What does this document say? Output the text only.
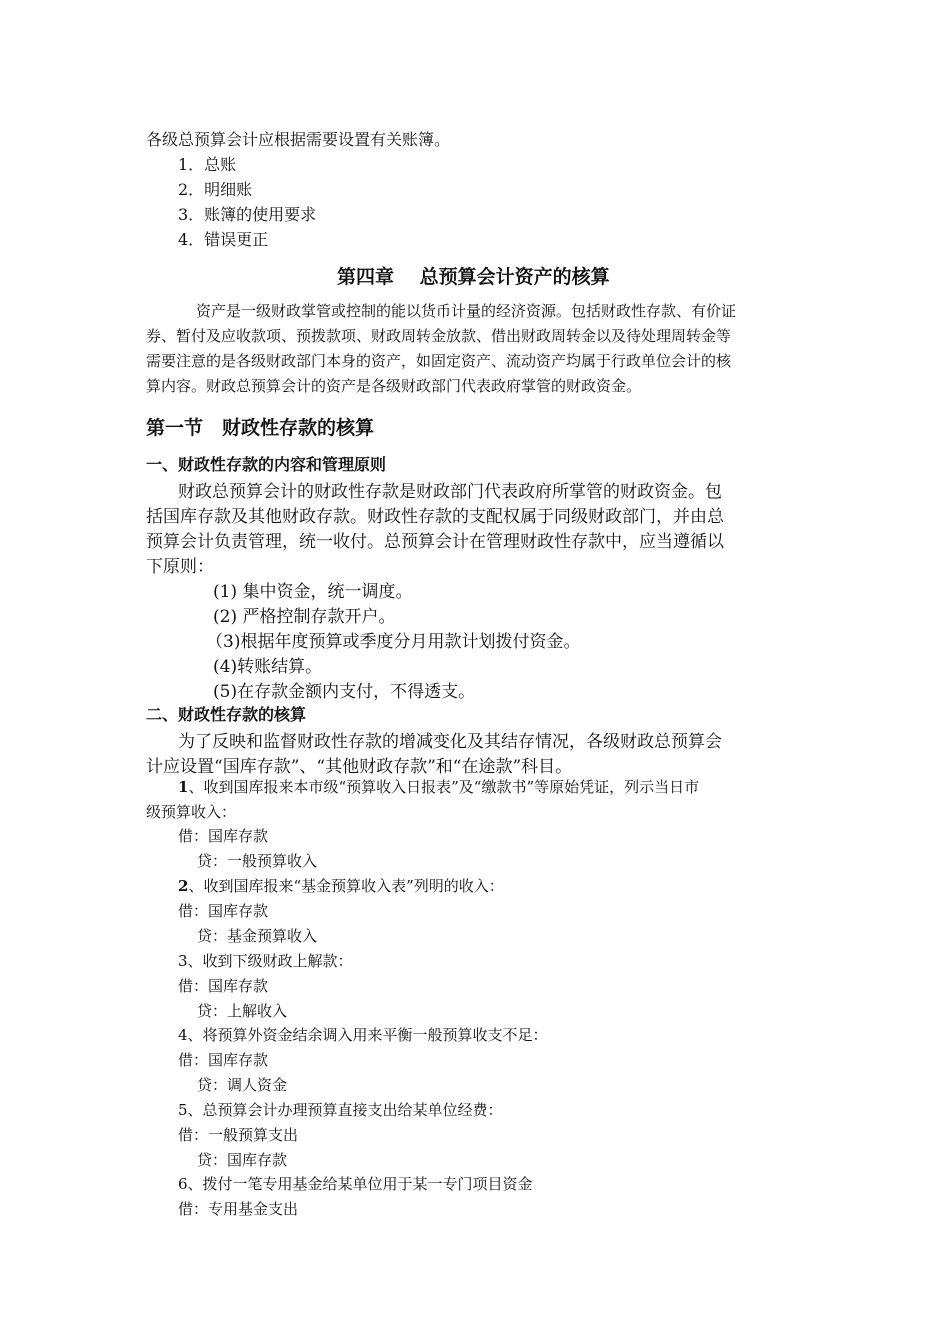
各级总预算会计应根据需要设置有关账簿。
1．总账
2．明细账
3．账簿的使用要求
4．错误更正
第四章　 总预算会计资产的核算
资产是一级财政掌管或控制的能以货币计量的经济资源。包括财政性存款、有价证
券、暂付及应收款项、预拨款项、财政周转金放款、借出财政周转金以及待处理周转金等
需要注意的是各级财政部门本身的资产，如固定资产、流动资产均属于行政单位会计的核
算内容。财政总预算会计的资产是各级财政部门代表政府掌管的财政资金。
第一节　财政性存款的核算
一、财政性存款的内容和管理原则
财政总预算会计的财政性存款是财政部门代表政府所掌管的财政资金。包
括国库存款及其他财政存款。财政性存款的支配权属于同级财政部门，并由总
预算会计负责管理，统一收付。总预算会计在管理财政性存款中，应当遵循以
下原则：
(1) 集中资金，统一调度。
(2) 严格控制存款开户。
（3)根据年度预算或季度分月用款计划拨付资金。
(4)转账结算。
(5)在存款金额内支付，不得透支。
二、财政性存款的核算
为了反映和监督财政性存款的增减变化及其结存情况，各级财政总预算会
计应设置“国库存款”、“其他财政存款”和“在途款”科目。
1、收到国库报来本市级“预算收入日报表”及“缴款书”等原始凭证，列示当日市
级预算收入：
借：国库存款
贷：一般预算收入
2、收到国库报来“基金预算收入表”列明的收入：
借：国库存款
贷：基金预算收入
3、收到下级财政上解款：
借：国库存款
贷：上解收入
4、将预算外资金结余调入用来平衡一般预算收支不足：
借：国库存款
贷：调人资金
5、总预算会计办理预算直接支出给某单位经费：
借：一般预算支出
贷：国库存款
6、拨付一笔专用基金给某单位用于某一专门项目资金
借：专用基金支出
